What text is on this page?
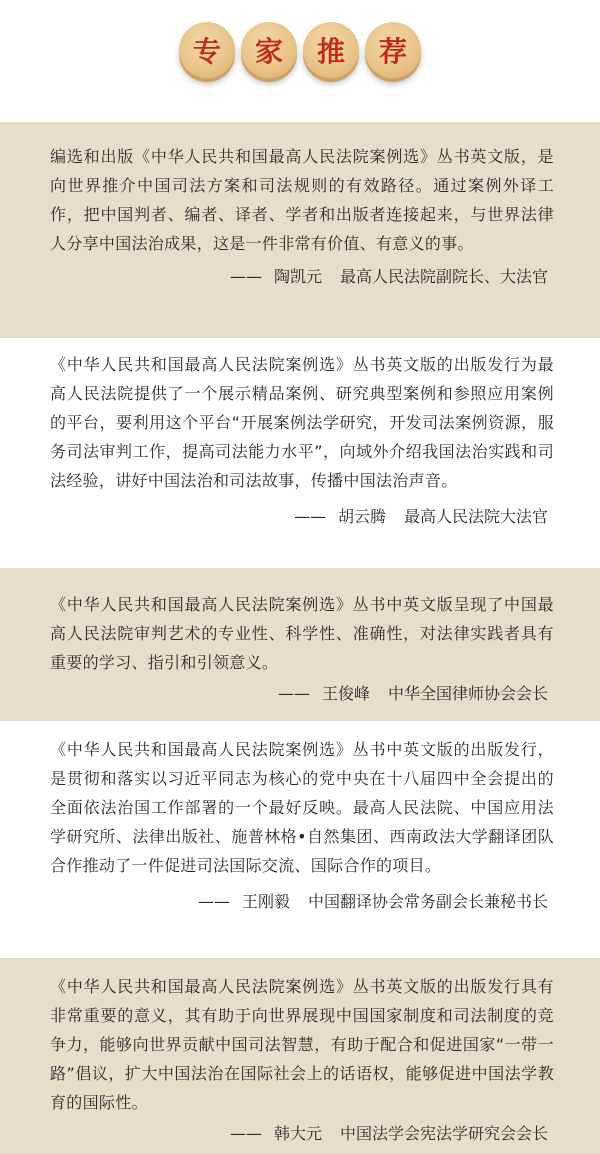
专	家	推	荐

编选和出版《中华人民共和国最高人民法院案例选》丛书英文版，是向世界推介中国司法方案和司法规则的有效路径。通过案例外译工作，把中国判者、编者、译者、学者和出版者连接起来，与世界法律人分享中国法治成果，这是一件非常有价值、有意义的事。

—— 陶凯元 最高人民法院副院长、大法官

《中华人民共和国最高人民法院案例选》丛书英文版的出版发行为最高人民法院提供了一个展示精品案例、研究典型案例和参照应用案例的平台，要利用这个平台“开展案例法学研究，开发司法案例资源，服务司法审判工作，提高司法能力水平”，向域外介绍我国法治实践和司法经验，讲好中国法治和司法故事，传播中国法治声音。

—— 胡云腾 最高人民法院大法官

《中华人民共和国最高人民法院案例选》丛书中英文版呈现了中国最高人民法院审判艺术的专业性、科学性、准确性，对法律实践者具有重要的学习、指引和引领意义。

—— 王俊峰 中华全国律师协会会长

《中华人民共和国最高人民法院案例选》丛书中英文版的出版发行，是贯彻和落实以习近平同志为核心的党中央在十八届四中全会提出的全面依法治国工作部署的一个最好反映。最高人民法院、中国应用法学研究所、法律出版社、施普林格•自然集团、西南政法大学翻译团队合作推动了一件促进司法国际交流、国际合作的项目。

—— 王刚毅 中国翻译协会常务副会长兼秘书长

《中华人民共和国最高人民法院案例选》丛书英文版的出版发行具有非常重要的意义，其有助于向世界展现中国国家制度和司法制度的竞争力，能够向世界贡献中国司法智慧，有助于配合和促进国家“一带一路”倡议，扩大中国法治在国际社会上的话语权，能够促进中国法学教育的国际性。

—— 韩大元 中国法学会宪法学研究会会长
